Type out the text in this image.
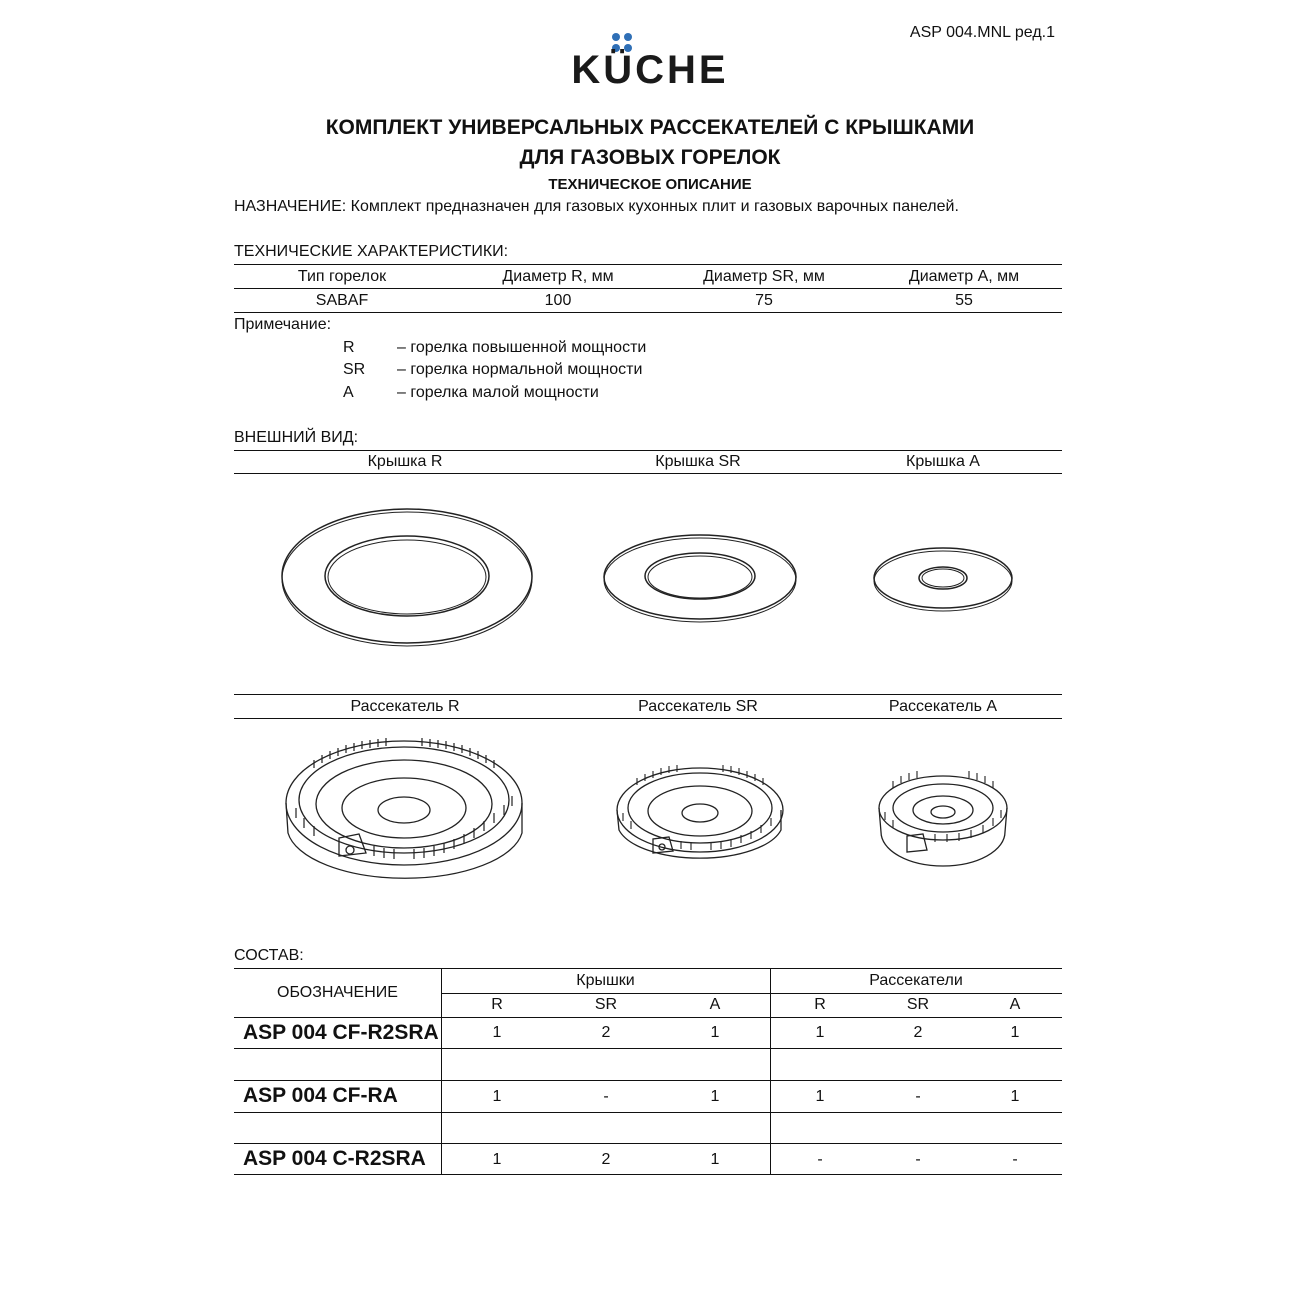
ASP 004.MNL ред.1
KÜCHE
КОМПЛЕКТ УНИВЕРСАЛЬНЫХ РАССЕКАТЕЛЕЙ С КРЫШКАМИ
ДЛЯ ГАЗОВЫХ ГОРЕЛОК
ТЕХНИЧЕСКОЕ ОПИСАНИЕ
НАЗНАЧЕНИЕ: Комплект предназначен для газовых кухонных плит и газовых варочных панелей.
ТЕХНИЧЕСКИЕ ХАРАКТЕРИСТИКИ:
Тип горелок	Диаметр R, мм	Диаметр SR, мм	Диаметр A, мм
SABAF	100	75	55
Примечание:
R	– горелка повышенной мощности
SR – горелка нормальной мощности
A	– горелка малой мощности
ВНЕШНИЙ ВИД:
Крышка R	Крышка SR	Крышка A
Рассекатель R	Рассекатель SR	Рассекатель A
СОСТАВ:
ОБОЗНАЧЕНИЕ
Крышки	Рассекатели
R	SR	A	R	SR	A
ASP 004 CF-R2SRA	1	2	1	1	2	1
ASP 004 CF-RA	1	-	1	1	-	1
ASP 004 C-R2SRA	1	2	1	-	-	-
